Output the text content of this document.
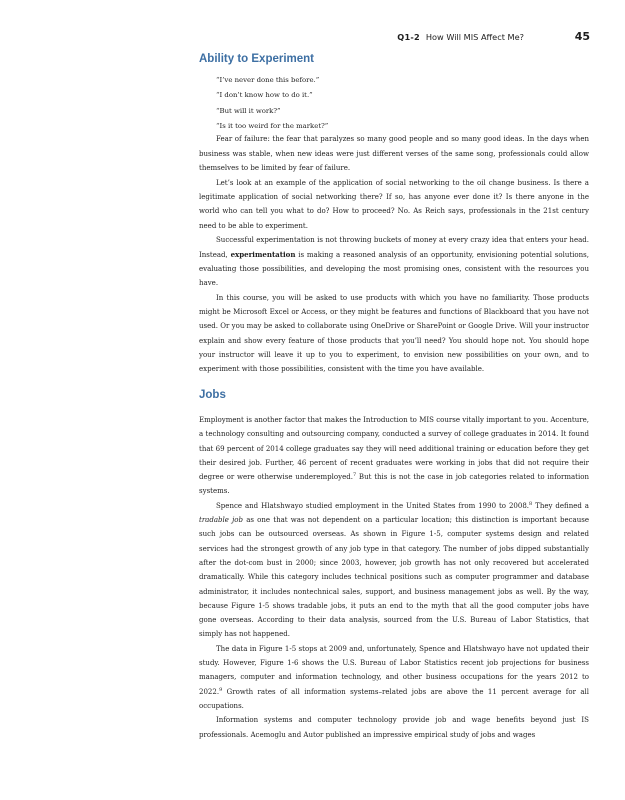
Q1-2 How Will MIS Affect Me?	45
Ability to Experiment
“I’ve never done this before.”
“I don’t know how to do it.”
“But will it work?”
“Is it too weird for the market?”

Fear of failure: the fear that paralyzes so many good people and so many good ideas. In the days when business was stable, when new ideas were just different verses of the same song, professionals could allow themselves to be limited by fear of failure.

Let’s look at an example of the application of social networking to the oil change business. Is there a legitimate application of social networking there? If so, has anyone ever done it? Is there anyone in the world who can tell you what to do? How to proceed? No. As Reich says, professionals in the 21st century need to be able to experiment.

Successful experimentation is not throwing buckets of money at every crazy idea that enters your head. Instead, experimentation is making a reasoned analysis of an opportunity, envisioning potential solutions, evaluating those possibilities, and developing the most promising ones, consistent with the resources you have.

In this course, you will be asked to use products with which you have no familiarity. Those products might be Microsoft Excel or Access, or they might be features and functions of Blackboard that you have not used. Or you may be asked to collaborate using OneDrive or SharePoint or Google Drive. Will your instructor explain and show every feature of those products that you’ll need? You should hope not. You should hope your instructor will leave it up to you to experiment, to envision new possibilities on your own, and to experiment with those possibilities, consistent with the time you have available.

Jobs

Employment is another factor that makes the Introduction to MIS course vitally important to you. Accenture, a technology consulting and outsourcing company, conducted a survey of college graduates in 2014. It found that 69 percent of 2014 college graduates say they will need additional training or education before they get their desired job. Further, 46 percent of recent graduates were working in jobs that did not require their degree or were otherwise underemployed.$^7$ But this is not the case in job categories related to information systems.

Spence and Hlatshwayo studied employment in the United States from 1990 to 2008.$^8$ They defined a tradable job as one that was not dependent on a particular location; this distinction is important because such jobs can be outsourced overseas. As shown in Figure 1-5, computer systems design and related services had the strongest growth of any job type in that category. The number of jobs dipped substantially after the dot-com bust in 2000; since 2003, however, job growth has not only recovered but accelerated dramatically. While this category includes technical positions such as computer programmer and database administrator, it includes nontechnical sales, support, and business management jobs as well. By the way, because Figure 1-5 shows tradable jobs, it puts an end to the myth that all the good computer jobs have gone overseas. According to their data analysis, sourced from the U.S. Bureau of Labor Statistics, that simply has not happened.

The data in Figure 1-5 stops at 2009 and, unfortunately, Spence and Hlatshwayo have not updated their study. However, Figure 1-6 shows the U.S. Bureau of Labor Statistics recent job projections for business managers, computer and information technology, and other business occupations for the years 2012 to 2022.$^9$ Growth rates of all information systems–related jobs are above the 11 percent average for all occupations.

Information systems and computer technology provide job and wage benefits beyond just IS professionals. Acemoglu and Autor published an impressive empirical study of jobs and wages
